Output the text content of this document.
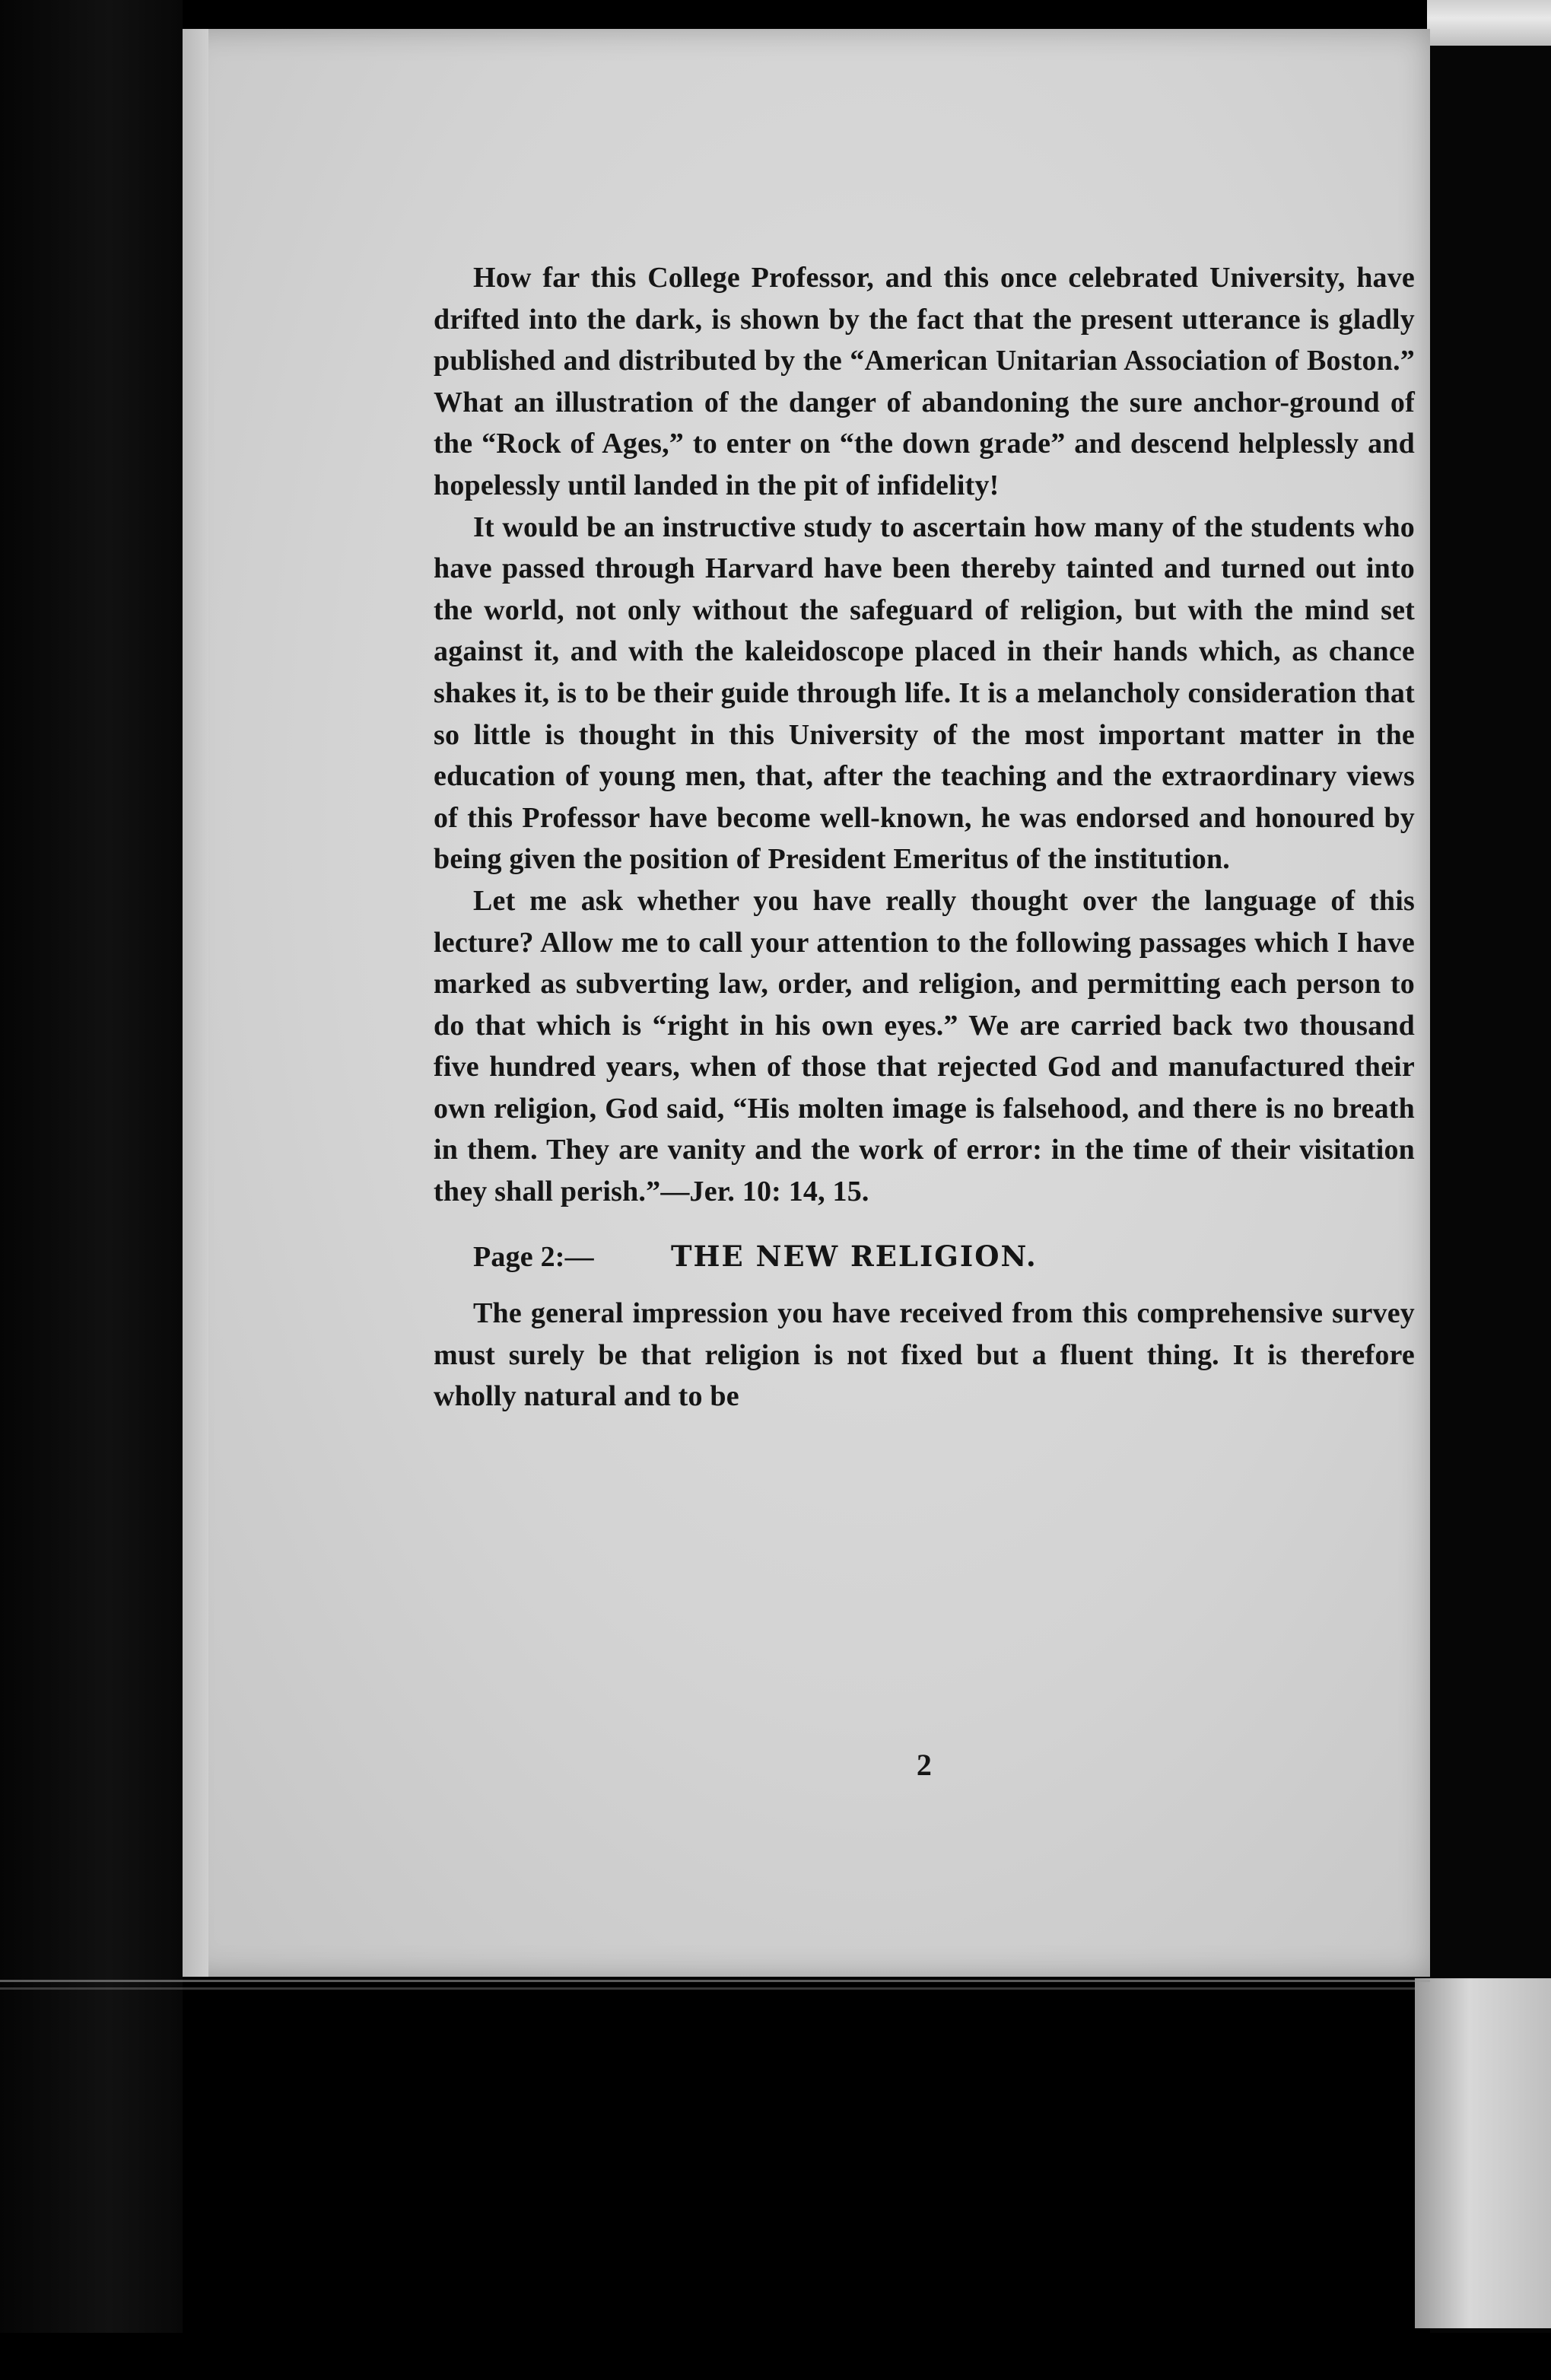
How far this College Professor, and this once celebrated University, have drifted into the dark, is shown by the fact that the present utterance is gladly published and distributed by the “American Unitarian Association of Boston.” What an illustration of the danger of abandoning the sure anchor-ground of the “Rock of Ages,” to enter on “the down grade” and descend helplessly and hopelessly until landed in the pit of infidelity!

It would be an instructive study to ascertain how many of the students who have passed through Harvard have been thereby tainted and turned out into the world, not only without the safeguard of religion, but with the mind set against it, and with the kaleidoscope placed in their hands which, as chance shakes it, is to be their guide through life. It is a melancholy consideration that so little is thought in this University of the most important matter in the education of young men, that, after the teaching and the extraordinary views of this Professor have become well-known, he was endorsed and honoured by being given the position of President Emeritus of the institution.

Let me ask whether you have really thought over the language of this lecture? Allow me to call your attention to the following passages which I have marked as subverting law, order, and religion, and permitting each person to do that which is “right in his own eyes.” We are carried back two thousand five hundred years, when of those that rejected God and manufactured their own religion, God said, “His molten image is falsehood, and there is no breath in them. They are vanity and the work of error: in the time of their visitation they shall perish.”—Jer. 10: 14, 15.

Page 2:—	THE NEW RELIGION.

The general impression you have received from this comprehensive survey must surely be that religion is not fixed but a fluent thing. It is therefore wholly natural and to be

2
